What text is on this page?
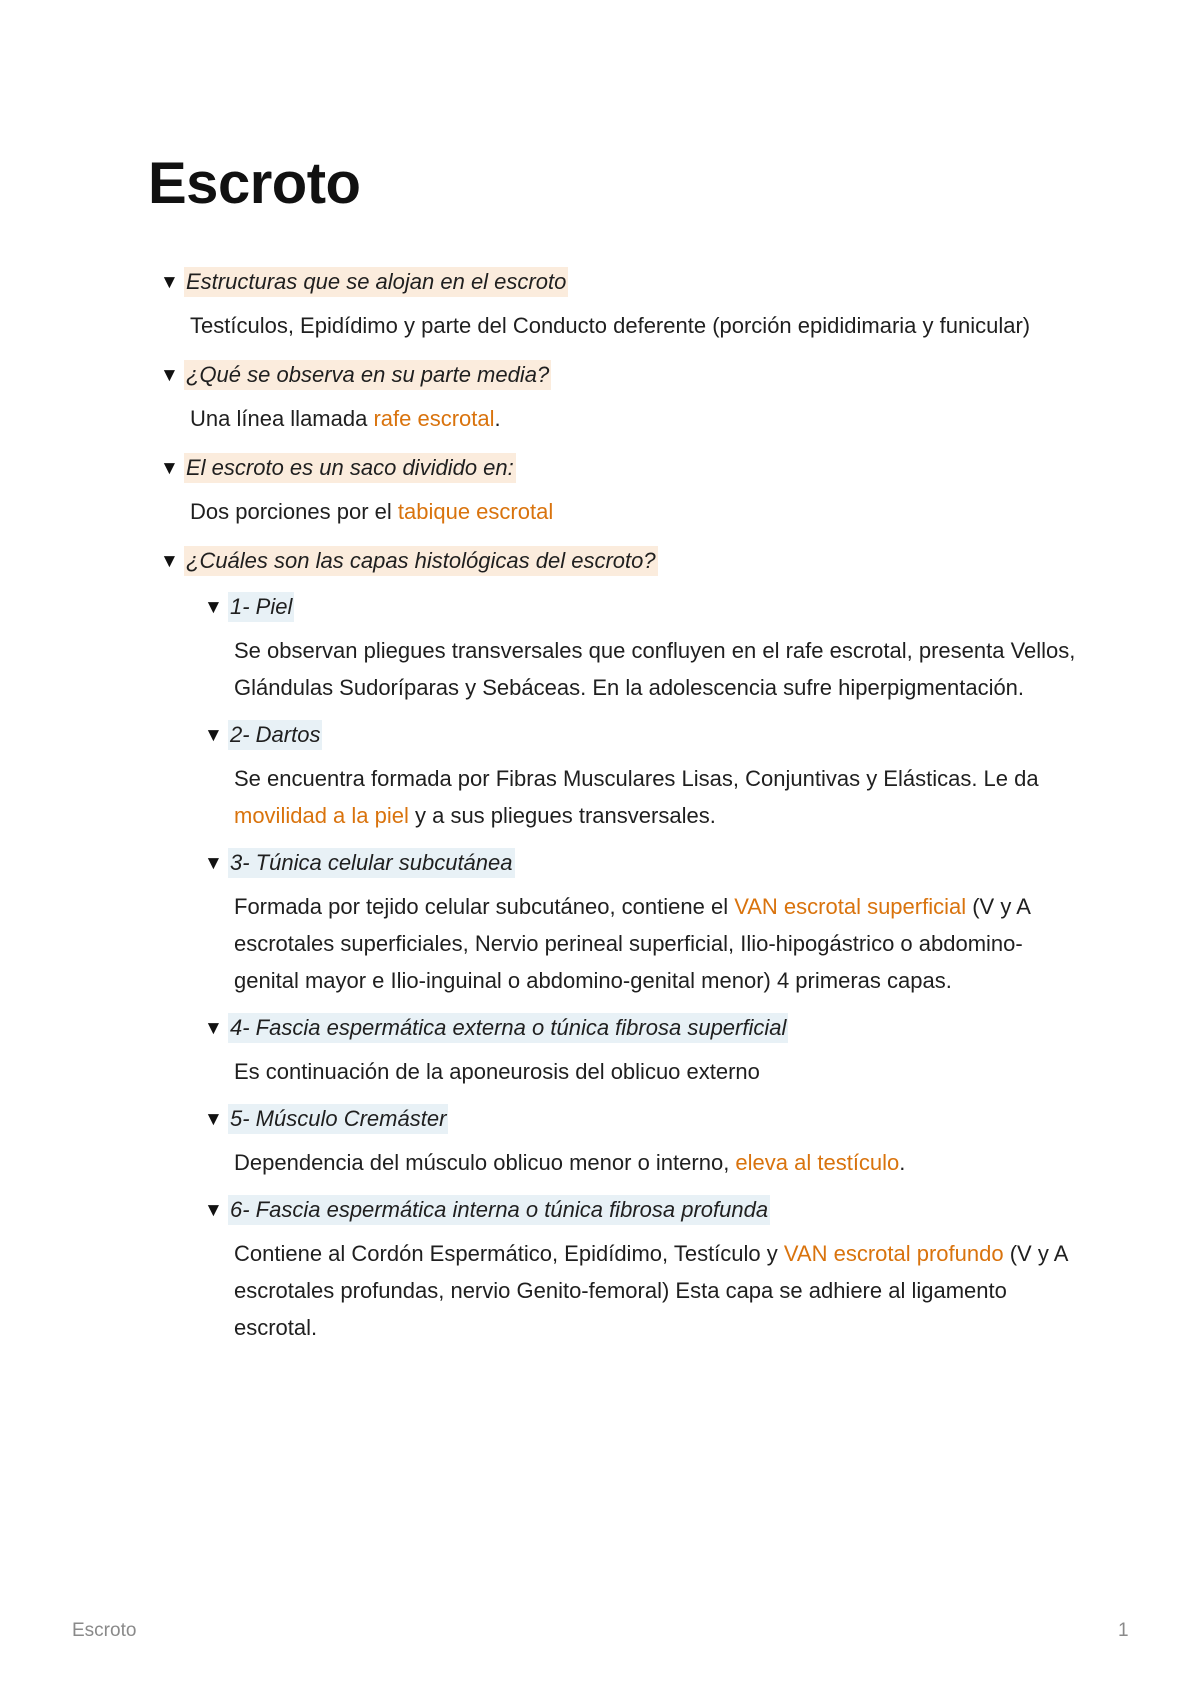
Escroto
▼ Estructuras que se alojan en el escroto
Testículos, Epidídimo y parte del Conducto deferente (porción epididimaria y funicular)
▼ ¿Qué se observa en su parte media?
Una línea llamada rafe escrotal.
▼ El escroto es un saco dividido en:
Dos porciones por el tabique escrotal
▼ ¿Cuáles son las capas histológicas del escroto?
▼ 1- Piel
Se observan pliegues transversales que confluyen en el rafe escrotal, presenta Vellos, Glándulas Sudoríparas y Sebáceas. En la adolescencia sufre hiperpigmentación.
▼ 2- Dartos
Se encuentra formada por Fibras Musculares Lisas, Conjuntivas y Elásticas. Le da movilidad a la piel y a sus pliegues transversales.
▼ 3- Túnica celular subcutánea
Formada por tejido celular subcutáneo, contiene el VAN escrotal superficial (V y A escrotales superficiales, Nervio perineal superficial, Ilio-hipogástrico o abdomino-genital mayor e Ilio-inguinal o abdomino-genital menor) 4 primeras capas.
▼ 4- Fascia espermática externa o túnica fibrosa superficial
Es continuación de la aponeurosis del oblicuo externo
▼ 5- Músculo Cremáster
Dependencia del músculo oblicuo menor o interno, eleva al testículo.
▼ 6- Fascia espermática interna o túnica fibrosa profunda
Contiene al Cordón Espermático, Epidídimo, Testículo y VAN escrotal profundo (V y A escrotales profundas, nervio Genito-femoral) Esta capa se adhiere al ligamento escrotal.
Escroto	1
